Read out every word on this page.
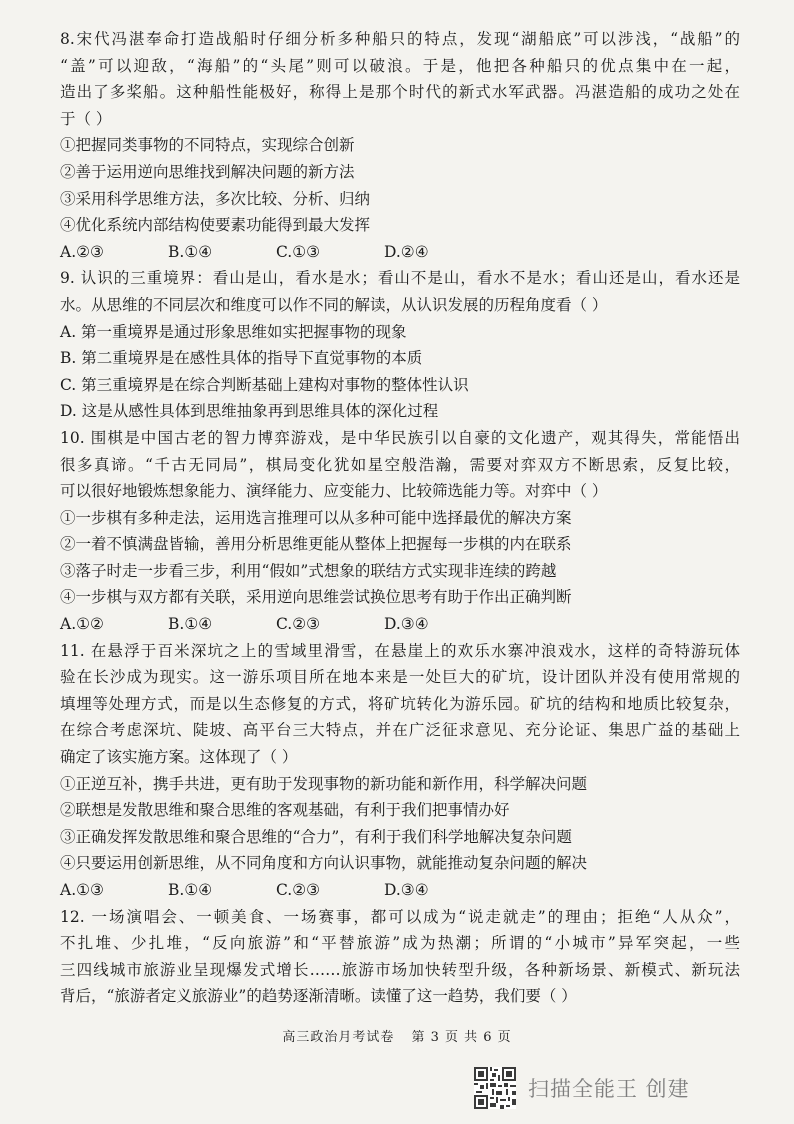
8.宋代冯湛奉命打造战船时仔细分析多种船只的特点，发现“湖船底”可以涉浅，“战船”的

“盖”可以迎敌，“海船”的“头尾”则可以破浪。于是，他把各种船只的优点集中在一起，

造出了多桨船。这种船性能极好，称得上是那个时代的新式水军武器。冯湛造船的成功之处在

于（ ）

①把握同类事物的不同特点，实现综合创新

②善于运用逆向思维找到解决问题的新方法

③采用科学思维方法，多次比较、分析、归纳

④优化系统内部结构使要素功能得到最大发挥

A.②③	B.①④	C.①③	D.②④

9. 认识的三重境界：看山是山，看水是水；看山不是山，看水不是水；看山还是山，看水还是

水。从思维的不同层次和维度可以作不同的解读，从认识发展的历程角度看（ ）

A. 第一重境界是通过形象思维如实把握事物的现象

B. 第二重境界是在感性具体的指导下直觉事物的本质

C. 第三重境界是在综合判断基础上建构对事物的整体性认识

D. 这是从感性具体到思维抽象再到思维具体的深化过程

10. 围棋是中国古老的智力博弈游戏，是中华民族引以自豪的文化遗产，观其得失，常能悟出

很多真谛。“千古无同局”，棋局变化犹如星空般浩瀚，需要对弈双方不断思索，反复比较，

可以很好地锻炼想象能力、演绎能力、应变能力、比较筛选能力等。对弈中（ ）

①一步棋有多种走法，运用选言推理可以从多种可能中选择最优的解决方案

②一着不慎满盘皆输，善用分析思维更能从整体上把握每一步棋的内在联系

③落子时走一步看三步，利用“假如”式想象的联结方式实现非连续的跨越

④一步棋与双方都有关联，采用逆向思维尝试换位思考有助于作出正确判断

A.①②	B.①④	C.②③	D.③④

11. 在悬浮于百米深坑之上的雪域里滑雪，在悬崖上的欢乐水寨冲浪戏水，这样的奇特游玩体

验在长沙成为现实。这一游乐项目所在地本来是一处巨大的矿坑，设计团队并没有使用常规的

填埋等处理方式，而是以生态修复的方式，将矿坑转化为游乐园。矿坑的结构和地质比较复杂，

在综合考虑深坑、陡坡、高平台三大特点，并在广泛征求意见、充分论证、集思广益的基础上

确定了该实施方案。这体现了（ ）

①正逆互补，携手共进，更有助于发现事物的新功能和新作用，科学解决问题

②联想是发散思维和聚合思维的客观基础，有利于我们把事情办好

③正确发挥发散思维和聚合思维的“合力”，有利于我们科学地解决复杂问题

④只要运用创新思维，从不同角度和方向认识事物，就能推动复杂问题的解决

A.①③	B.①④	C.②③	D.③④

12. 一场演唱会、一顿美食、一场赛事，都可以成为“说走就走”的理由；拒绝“人从众”，

不扎堆、少扎堆，“反向旅游”和“平替旅游”成为热潮；所谓的“小城市”异军突起，一些

三四线城市旅游业呈现爆发式增长……旅游市场加快转型升级，各种新场景、新模式、新玩法

背后，“旅游者定义旅游业”的趋势逐渐清晰。读懂了这一趋势，我们要（ ）

高三政治月考试卷 第 3 页 共 6 页
扫描全能王 创建
